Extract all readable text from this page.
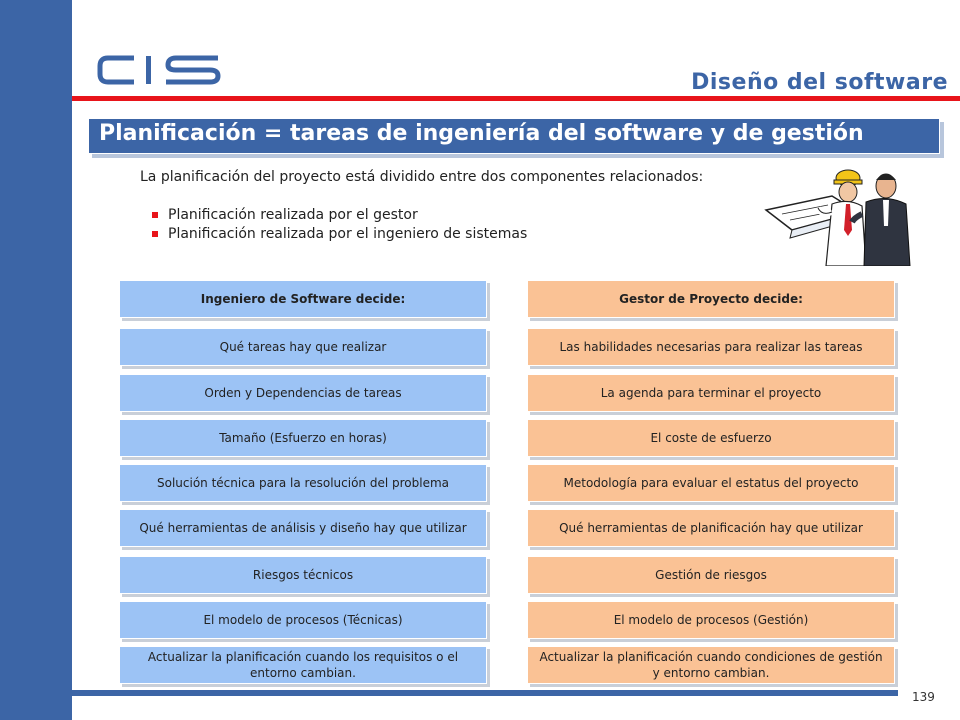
Diseño del software
Planificación = tareas de ingeniería del software y de gestión
La planificación del proyecto está dividido entre dos componentes relacionados:
Planificación realizada por el gestor
Planificación realizada por el ingeniero de sistemas
Ingeniero de Software decide:
Qué tareas hay que realizar
Orden y Dependencias de tareas
Tamaño (Esfuerzo en horas)
Solución técnica para la resolución del problema
Qué herramientas de análisis y diseño hay que utilizar
Riesgos técnicos
El modelo de procesos (Técnicas)
Actualizar la planificación cuando los requisitos o el entorno cambian.
Gestor de Proyecto decide:
Las habilidades necesarias para realizar las tareas
La agenda para terminar el proyecto
El coste de esfuerzo
Metodología para evaluar el estatus del proyecto
Qué herramientas de planificación hay que utilizar
Gestión de riesgos
El modelo de procesos (Gestión)
Actualizar la planificación cuando condiciones de gestión y entorno cambian.
139
